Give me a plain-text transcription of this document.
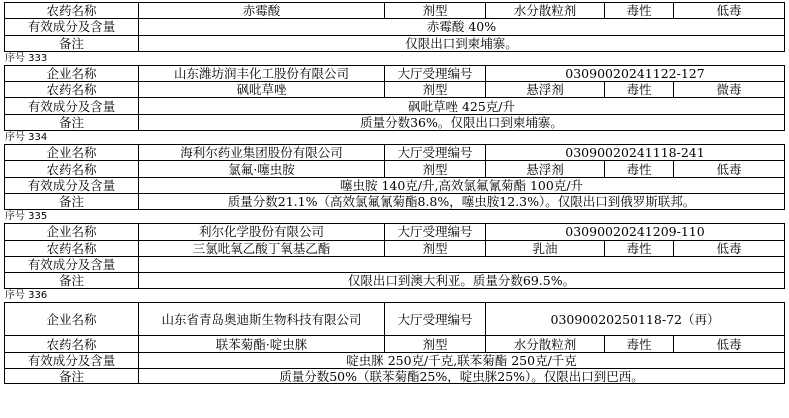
农药名称	赤霉酸	剂型	水分散粒剂	毒性	低毒
有效成分及含量	赤霉酸 40%
备注	仅限出口到柬埔寨。
序号 333
企业名称	山东潍坊润丰化工股份有限公司	大厅受理编号	03090020241122-127
农药名称	砜吡草唑	剂型	悬浮剂	毒性	微毒
有效成分及含量	砜吡草唑 425克/升
备注	质量分数36%。仅限出口到柬埔寨。
序号 334
企业名称	海利尔药业集团股份有限公司	大厅受理编号	03090020241118-241
农药名称	氯氟·噻虫胺	剂型	悬浮剂	毒性	低毒
有效成分及含量	噻虫胺 140克/升,高效氯氟氰菊酯 100克/升
备注	质量分数21.1%（高效氯氟氰菊酯8.8%，噻虫胺12.3%）。仅限出口到俄罗斯联邦。
序号 335
企业名称	利尔化学股份有限公司	大厅受理编号	03090020241209-110
农药名称	三氯吡氧乙酸丁氧基乙酯	剂型	乳油	毒性	低毒
有效成分及含量
备注	仅限出口到澳大利亚。质量分数69.5%。
序号 336
企业名称	山东省青岛奥迪斯生物科技有限公司	大厅受理编号	03090020250118-72（再）
农药名称	联苯菊酯·啶虫脒	剂型	水分散粒剂	毒性	低毒
有效成分及含量	啶虫脒 250克/千克,联苯菊酯 250克/千克
备注	质量分数50%（联苯菊酯25%，啶虫脒25%）。仅限出口到巴西。
